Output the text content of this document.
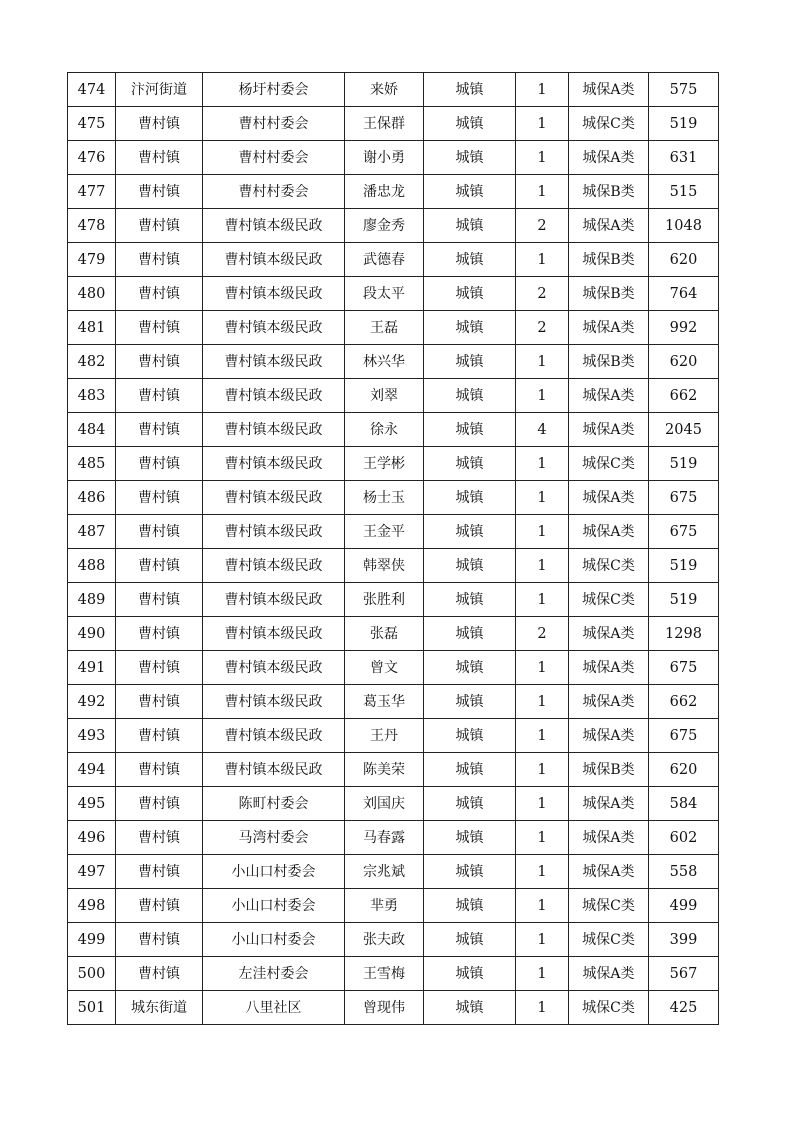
474	汴河街道	杨圩村委会	来娇	城镇	1	城保A类	575
475	曹村镇	曹村村委会	王保群	城镇	1	城保C类	519
476	曹村镇	曹村村委会	谢小勇	城镇	1	城保A类	631
477	曹村镇	曹村村委会	潘忠龙	城镇	1	城保B类	515
478	曹村镇	曹村镇本级民政	廖金秀	城镇	2	城保A类	1048
479	曹村镇	曹村镇本级民政	武德春	城镇	1	城保B类	620
480	曹村镇	曹村镇本级民政	段太平	城镇	2	城保B类	764
481	曹村镇	曹村镇本级民政	王磊	城镇	2	城保A类	992
482	曹村镇	曹村镇本级民政	林兴华	城镇	1	城保B类	620
483	曹村镇	曹村镇本级民政	刘翠	城镇	1	城保A类	662
484	曹村镇	曹村镇本级民政	徐永	城镇	4	城保A类	2045
485	曹村镇	曹村镇本级民政	王学彬	城镇	1	城保C类	519
486	曹村镇	曹村镇本级民政	杨士玉	城镇	1	城保A类	675
487	曹村镇	曹村镇本级民政	王金平	城镇	1	城保A类	675
488	曹村镇	曹村镇本级民政	韩翠侠	城镇	1	城保C类	519
489	曹村镇	曹村镇本级民政	张胜利	城镇	1	城保C类	519
490	曹村镇	曹村镇本级民政	张磊	城镇	2	城保A类	1298
491	曹村镇	曹村镇本级民政	曾文	城镇	1	城保A类	675
492	曹村镇	曹村镇本级民政	葛玉华	城镇	1	城保A类	662
493	曹村镇	曹村镇本级民政	王丹	城镇	1	城保A类	675
494	曹村镇	曹村镇本级民政	陈美荣	城镇	1	城保B类	620
495	曹村镇	陈町村委会	刘国庆	城镇	1	城保A类	584
496	曹村镇	马湾村委会	马春露	城镇	1	城保A类	602
497	曹村镇	小山口村委会	宗兆斌	城镇	1	城保A类	558
498	曹村镇	小山口村委会	芈勇	城镇	1	城保C类	499
499	曹村镇	小山口村委会	张夫政	城镇	1	城保C类	399
500	曹村镇	左洼村委会	王雪梅	城镇	1	城保A类	567
501	城东街道	八里社区	曾现伟	城镇	1	城保C类	425
